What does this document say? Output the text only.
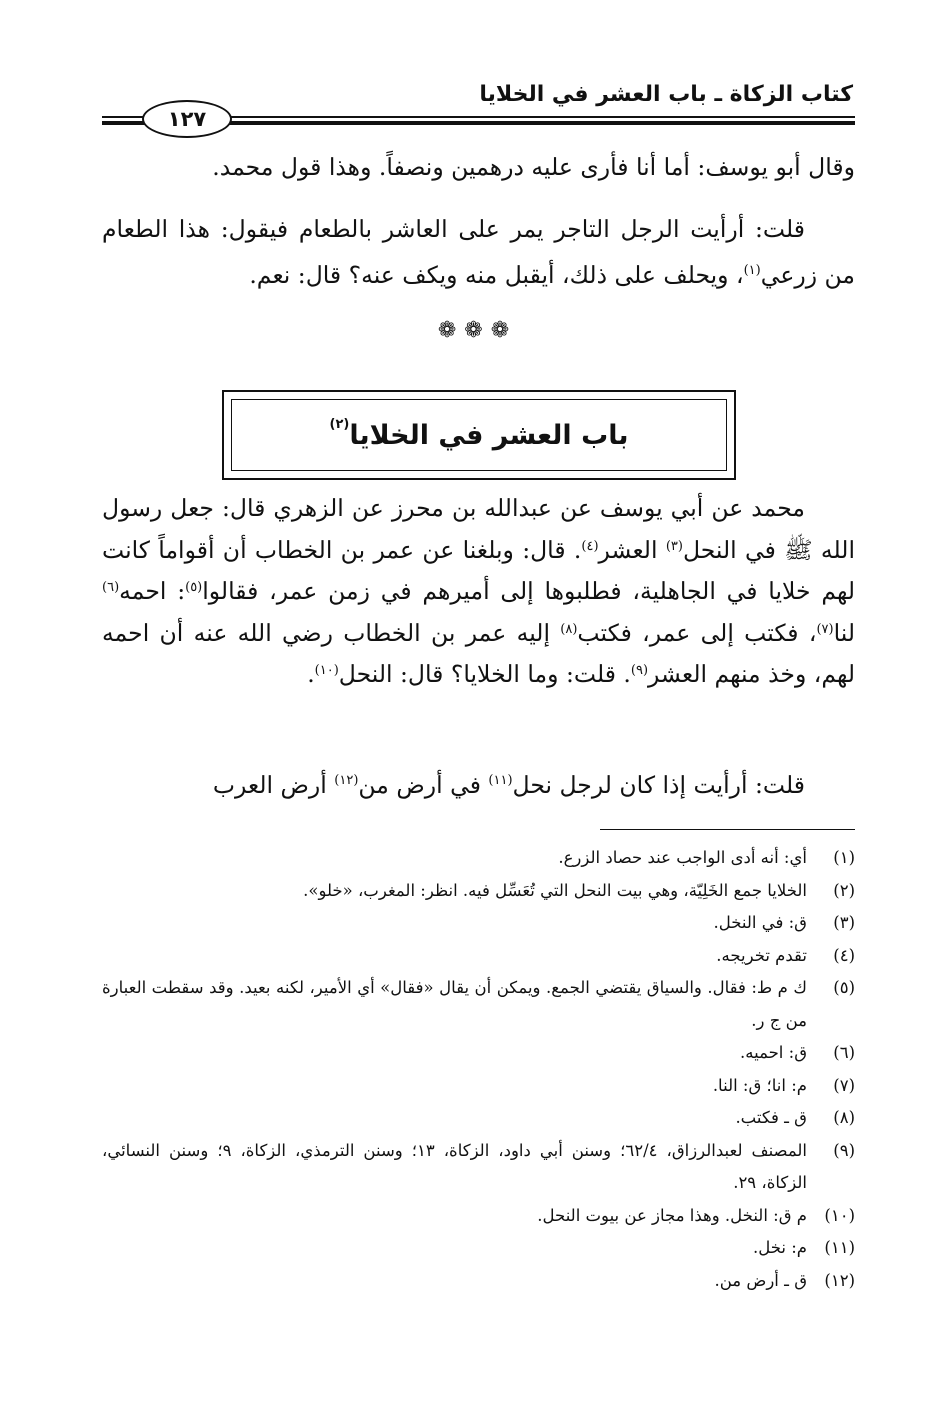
كتاب الزكاة ـ باب العشر في الخلايا
١٢٧

وقال أبو يوسف: أما أنا فأرى عليه درهمين ونصفاً. وهذا قول محمد.

قلت: أرأيت الرجل التاجر يمر على العاشر بالطعام فيقول: هذا الطعام من زرعي$^{(١)}$، ويحلف على ذلك، أيقبل منه ويكف عنه؟ قال: نعم.

❁❁❁
باب العشر في الخلايا$^{(٢)}$

محمد عن أبي يوسف عن عبدالله بن محرز عن الزهري قال: جعل رسول الله ﷺ في النحل$^{(٣)}$ العشر$^{(٤)}$. قال: وبلغنا عن عمر بن الخطاب أن أقواماً كانت لهم خلايا في الجاهلية، فطلبوها إلى أميرهم في زمن عمر، فقالوا$^{(٥)}$: احمه$^{(٦)}$ لنا$^{(٧)}$، فكتب إلى عمر، فكتب$^{(٨)}$ إليه عمر بن الخطاب رضي الله عنه أن احمه لهم، وخذ منهم العشر$^{(٩)}$. قلت: وما الخلايا؟ قال: النحل$^{(١٠)}$.

قلت: أرأيت إذا كان لرجل نحل$^{(١١)}$ في أرض من$^{(١٢)}$ أرض العرب

(١)
أي: أنه أدى الواجب عند حصاد الزرع.
(٢)
الخلايا جمع الخَلِيّة، وهي بيت النحل التي تُعَسِّل فيه. انظر: المغرب، «خلو».
(٣)
ق: في النخل.
(٤)
تقدم تخريجه.
(٥)
ك م ط: فقال. والسياق يقتضي الجمع. ويمكن أن يقال «فقال» أي الأمير، لكنه بعيد. وقد سقطت العبارة من ج ر.
(٦)
ق: احميه.
(٧)
م: انا؛ ق: النا.
(٨)
ق ـ فكتب.
(٩)
المصنف لعبدالرزاق، ٦٢/٤؛ وسنن أبي داود، الزكاة، ١٣؛ وسنن الترمذي، الزكاة، ٩؛ وسنن النسائي، الزكاة، ٢٩.
(١٠)
م ق: النخل. وهذا مجاز عن بيوت النحل.
(١١)
م: نخل.
(١٢)
ق ـ أرض من.
